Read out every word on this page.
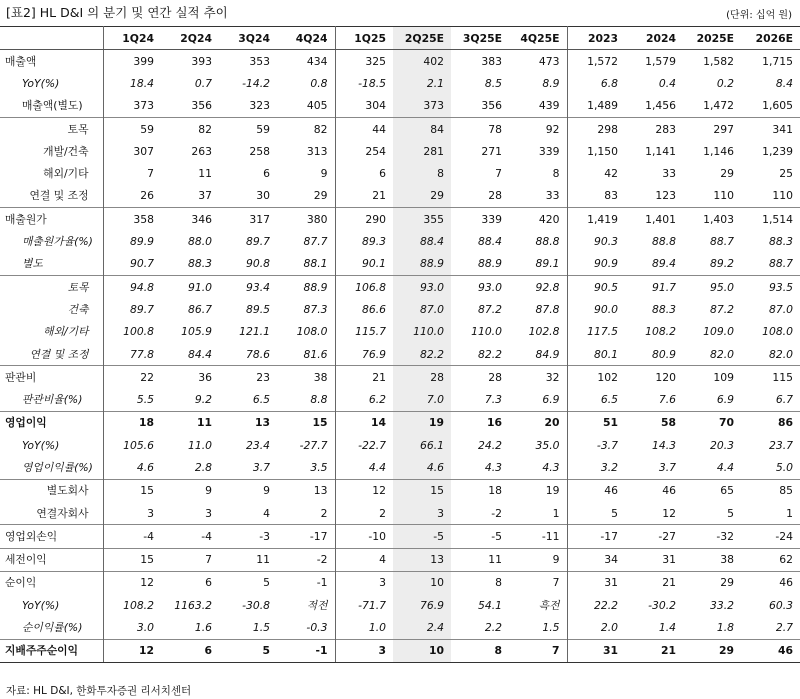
[표2] HL D&I 의 분기 및 연간 실적 추이	(단위: 십억 원)
	1Q24	2Q24	3Q24	4Q24	1Q25	2Q25E	3Q25E	4Q25E	2023	2024	2025E	2026E
매출액	399	393	353	434	325	402	383	473	1,572	1,579	1,582	1,715
YoY(%)	18.4	0.7	-14.2	0.8	-18.5	2.1	8.5	8.9	6.8	0.4	0.2	8.4
매출액(별도)	373	356	323	405	304	373	356	439	1,489	1,456	1,472	1,605
토목	59	82	59	82	44	84	78	92	298	283	297	341
개발/건축	307	263	258	313	254	281	271	339	1,150	1,141	1,146	1,239
해외/기타	7	11	6	9	6	8	7	8	42	33	29	25
연결 및 조정	26	37	30	29	21	29	28	33	83	123	110	110
매출원가	358	346	317	380	290	355	339	420	1,419	1,401	1,403	1,514
매출원가율(%)	89.9	88.0	89.7	87.7	89.3	88.4	88.4	88.8	90.3	88.8	88.7	88.3
별도	90.7	88.3	90.8	88.1	90.1	88.9	88.9	89.1	90.9	89.4	89.2	88.7
토목	94.8	91.0	93.4	88.9	106.8	93.0	93.0	92.8	90.5	91.7	95.0	93.5
건축	89.7	86.7	89.5	87.3	86.6	87.0	87.2	87.8	90.0	88.3	87.2	87.0
해외/기타	100.8	105.9	121.1	108.0	115.7	110.0	110.0	102.8	117.5	108.2	109.0	108.0
연결 및 조정	77.8	84.4	78.6	81.6	76.9	82.2	82.2	84.9	80.1	80.9	82.0	82.0
판관비	22	36	23	38	21	28	28	32	102	120	109	115
판관비율(%)	5.5	9.2	6.5	8.8	6.2	7.0	7.3	6.9	6.5	7.6	6.9	6.7
영업이익	18	11	13	15	14	19	16	20	51	58	70	86
YoY(%)	105.6	11.0	23.4	-27.7	-22.7	66.1	24.2	35.0	-3.7	14.3	20.3	23.7
영업이익률(%)	4.6	2.8	3.7	3.5	4.4	4.6	4.3	4.3	3.2	3.7	4.4	5.0
별도회사	15	9	9	13	12	15	18	19	46	46	65	85
연결자회사	3	3	4	2	2	3	-2	1	5	12	5	1
영업외손익	-4	-4	-3	-17	-10	-5	-5	-11	-17	-27	-32	-24
세전이익	15	7	11	-2	4	13	11	9	34	31	38	62
순이익	12	6	5	-1	3	10	8	7	31	21	29	46
YoY(%)	108.2	1163.2	-30.8	적전	-71.7	76.9	54.1	흑전	22.2	-30.2	33.2	60.3
순이익률(%)	3.0	1.6	1.5	-0.3	1.0	2.4	2.2	1.5	2.0	1.4	1.8	2.7
지배주주순이익	12	6	5	-1	3	10	8	7	31	21	29	46
자료: HL D&I, 한화투자증권 리서치센터
